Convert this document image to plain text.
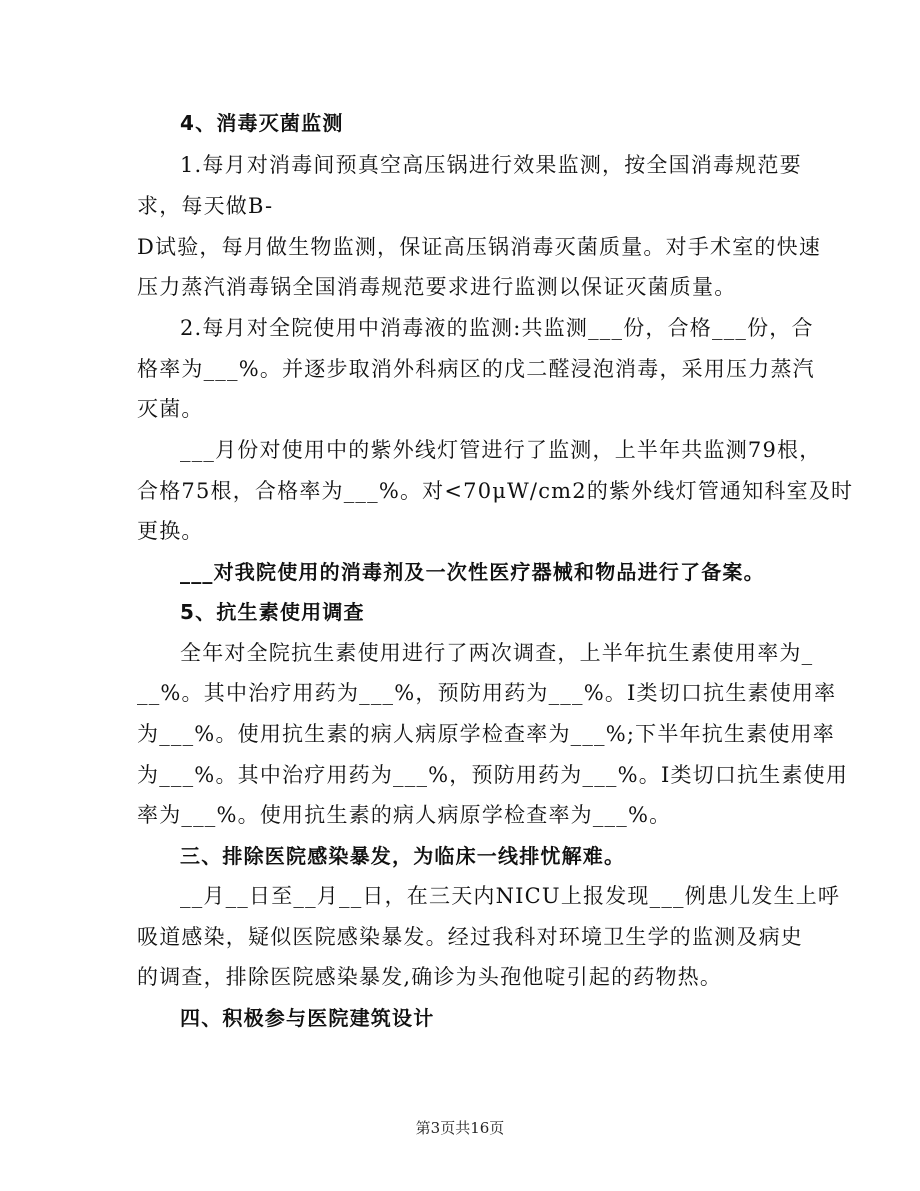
4、消毒灭菌监测
1.每月对消毒间预真空高压锅进行效果监测，按全国消毒规范要
求，每天做B-
D试验，每月做生物监测，保证高压锅消毒灭菌质量。对手术室的快速
压力蒸汽消毒锅全国消毒规范要求进行监测以保证灭菌质量。
2.每月对全院使用中消毒液的监测:共监测___份，合格___份，合
格率为___%。并逐步取消外科病区的戊二醛浸泡消毒，采用压力蒸汽
灭菌。
___月份对使用中的紫外线灯管进行了监测，上半年共监测79根，
合格75根，合格率为___%。对<70μW/cm2的紫外线灯管通知科室及时
更换。
___对我院使用的消毒剂及一次性医疗器械和物品进行了备案。
5、抗生素使用调查
全年对全院抗生素使用进行了两次调查，上半年抗生素使用率为_
__%。其中治疗用药为___%，预防用药为___%。I类切口抗生素使用率
为___%。使用抗生素的病人病原学检查率为___%;下半年抗生素使用率
为___%。其中治疗用药为___%，预防用药为___%。I类切口抗生素使用
率为___%。使用抗生素的病人病原学检查率为___%。
三、排除医院感染暴发，为临床一线排忧解难。
__月__日至__月__日，在三天内NICU上报发现___例患儿发生上呼
吸道感染，疑似医院感染暴发。经过我科对环境卫生学的监测及病史
的调查，排除医院感染暴发,确诊为头孢他啶引起的药物热。
四、积极参与医院建筑设计
第3页共16页
